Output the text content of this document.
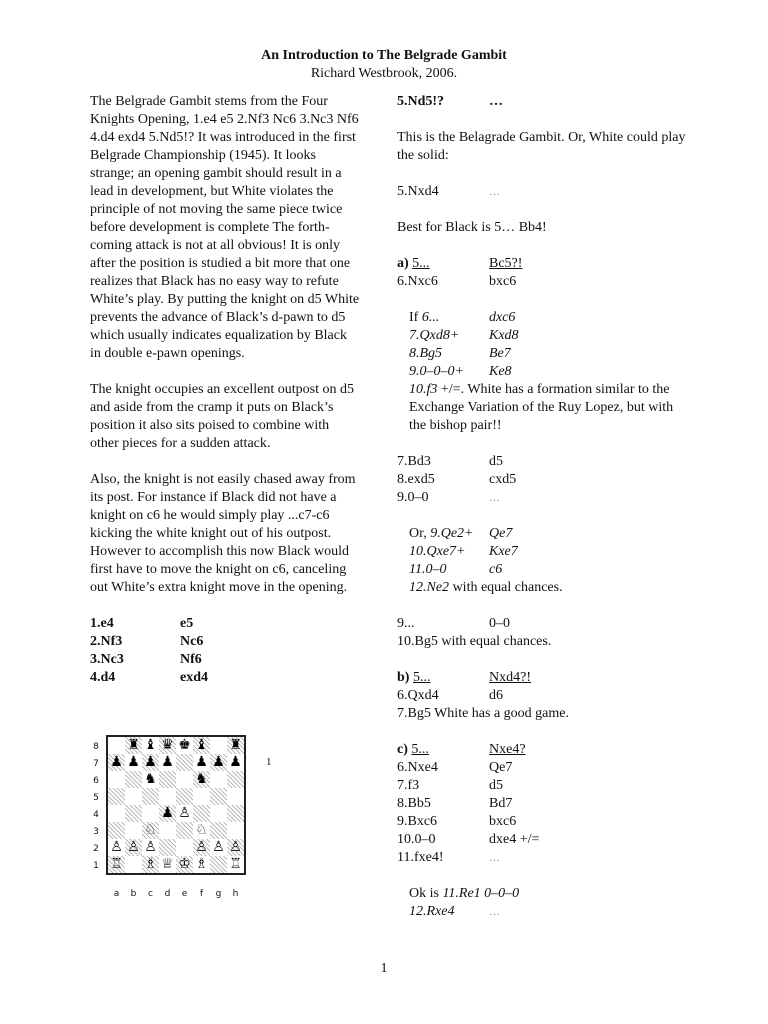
An Introduction to The Belgrade Gambit
Richard Westbrook, 2006.

The Belgrade Gambit stems from the Four Knights Opening, 1.e4 e5 2.Nf3 Nc6 3.Nc3 Nf6 4.d4 exd4 5.Nd5!? It was introduced in the first Belgrade Championship (1945). It looks strange; an opening gambit should result in a lead in development, but White violates the principle of not moving the same piece twice before development is complete The forth-coming attack is not at all obvious! It is only after the position is studied a bit more that one realizes that Black has no easy way to refute White’s play. By putting the knight on d5 White prevents the advance of Black’s d-pawn to d5 which usually indicates equalization by Black in double e-pawn openings.

The knight occupies an excellent outpost on d5 and aside from the cramp it puts on Black’s position it also sits poised to combine with other pieces for a sudden attack.

Also, the knight is not easily chased away from its post. For instance if Black did not have a knight on c6 he would simply play ...c7-c6 kicking the white knight out of his outpost. However to accomplish this now Black would first have to move the knight on c6, canceling out White’s extra knight move in the opening.

1.e4	e5
2.Nf3	Nc6
3.Nc3	Nf6
4.d4	exd4
8
7
6
5
4
3
2
1
♜ ♝ ♛ ♚ ♝ ♜
♟ ♟ ♟ ♟ ♟ ♟ ♟
♞	♞
♟ ♙
♘	♘
♙ ♙ ♙	♙ ♙ ♙
♖ ♗ ♕ ♔ ♗ ♖
a	b	c	d	e	f	g	h
1
5.Nd5!?	…

This is the Belagrade Gambit. Or, White could play the solid:

5.Nxd4	…

Best for Black is 5… Bb4!

a) 5...	Bc5?!
6.Nxc6	bxc6
If 6...	dxc6
7.Qxd8+	Kxd8
8.Bg5	Be7
9.0–0–0+	Ke8

10.f3 +/=. White has a formation similar to the Exchange Variation of the Ruy Lopez, but with the bishop pair!!

7.Bd3	d5
8.exd5	cxd5
9.0–0	…
Or, 9.Qe2+	Qe7
10.Qxe7+	Kxe7
11.0–0	c6

12.Ne2 with equal chances.

9...	0–0

10.Bg5 with equal chances.

b) 5...	Nxd4?!
6.Qxd4	d6

7.Bg5 White has a good game.

c) 5...	Nxe4?
6.Nxe4	Qe7
7.f3	d5
8.Bb5	Bd7
9.Bxc6	bxc6
10.0–0	dxe4 +/=
11.fxe4!	…

Ok is 11.Re1 0–0–0

12.Rxe4	…
1
